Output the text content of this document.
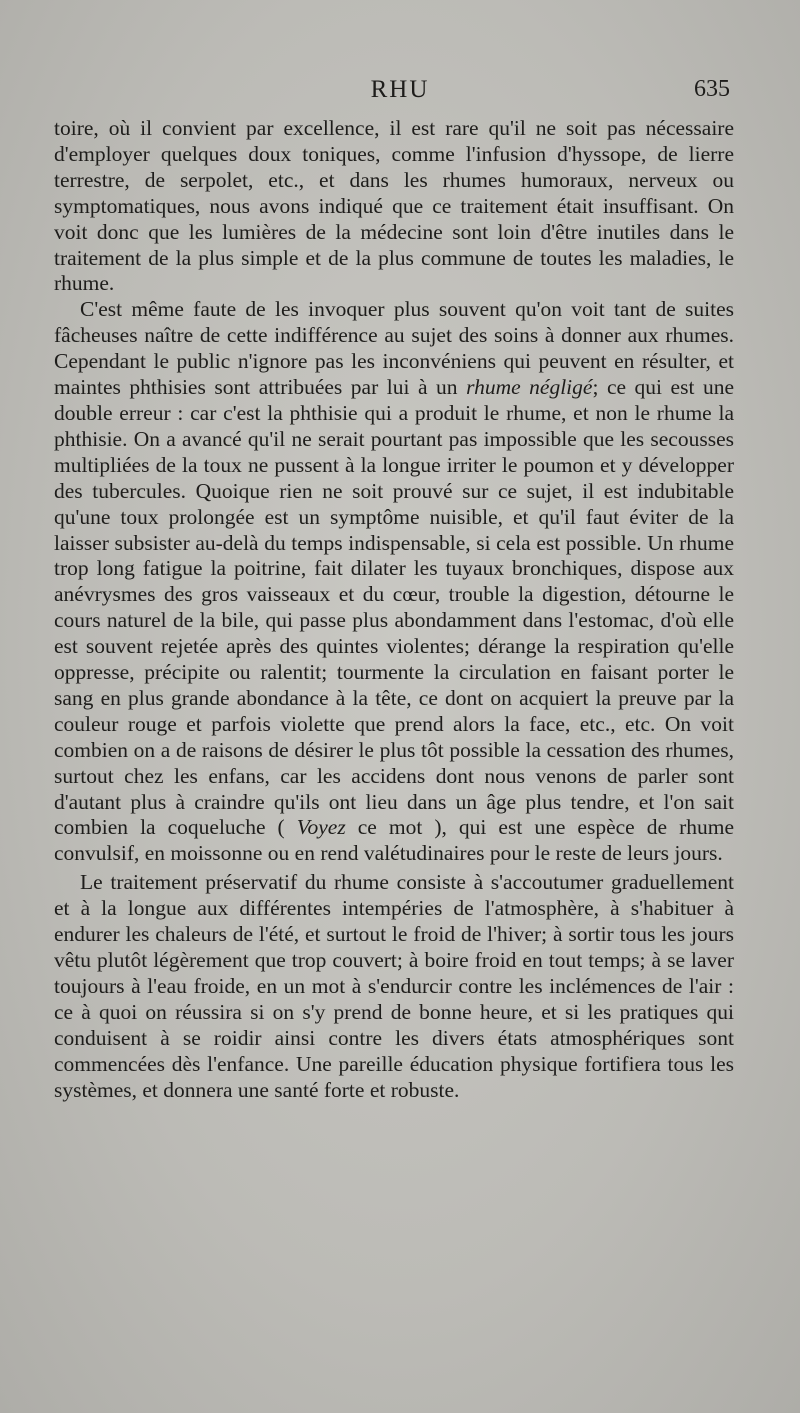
RHU	635

toire, où il convient par excellence, il est rare qu'il ne soit pas nécessaire d'employer quelques doux toniques, comme l'infusion d'hyssope, de lierre terrestre, de serpolet, etc., et dans les rhumes humoraux, nerveux ou symptomatiques, nous avons indiqué que ce traitement était insuffisant. On voit donc que les lumières de la médecine sont loin d'être inutiles dans le traitement de la plus simple et de la plus commune de toutes les maladies, le rhume.

C'est même faute de les invoquer plus souvent qu'on voit tant de suites fâcheuses naître de cette indifférence au sujet des soins à donner aux rhumes. Cependant le public n'ignore pas les inconvéniens qui peuvent en résulter, et maintes phthisies sont attribuées par lui à un rhume négligé; ce qui est une double erreur : car c'est la phthisie qui a produit le rhume, et non le rhume la phthisie. On a avancé qu'il ne serait pourtant pas impossible que les secousses multipliées de la toux ne pussent à la longue irriter le poumon et y développer des tubercules. Quoique rien ne soit prouvé sur ce sujet, il est indubitable qu'une toux prolongée est un symptôme nuisible, et qu'il faut éviter de la laisser subsister au-delà du temps indispensable, si cela est possible. Un rhume trop long fatigue la poitrine, fait dilater les tuyaux bronchiques, dispose aux anévrysmes des gros vaisseaux et du cœur, trouble la digestion, détourne le cours naturel de la bile, qui passe plus abondamment dans l'estomac, d'où elle est souvent rejetée après des quintes violentes; dérange la respiration qu'elle oppresse, précipite ou ralentit; tourmente la circulation en faisant porter le sang en plus grande abondance à la tête, ce dont on acquiert la preuve par la couleur rouge et parfois violette que prend alors la face, etc., etc. On voit combien on a de raisons de désirer le plus tôt possible la cessation des rhumes, surtout chez les enfans, car les accidens dont nous venons de parler sont d'autant plus à craindre qu'ils ont lieu dans un âge plus tendre, et l'on sait combien la coqueluche ( Voyez ce mot ), qui est une espèce de rhume convulsif, en moissonne ou en rend valétudinaires pour le reste de leurs jours.

Le traitement préservatif du rhume consiste à s'accoutumer graduellement et à la longue aux différentes intempéries de l'atmosphère, à s'habituer à endurer les chaleurs de l'été, et surtout le froid de l'hiver; à sortir tous les jours vêtu plutôt légèrement que trop couvert; à boire froid en tout temps; à se laver toujours à l'eau froide, en un mot à s'endurcir contre les inclémences de l'air : ce à quoi on réussira si on s'y prend de bonne heure, et si les pratiques qui conduisent à se roidir ainsi contre les divers états atmosphériques sont commencées dès l'enfance. Une pareille éducation physique fortifiera tous les systèmes, et donnera une santé forte et robuste.
